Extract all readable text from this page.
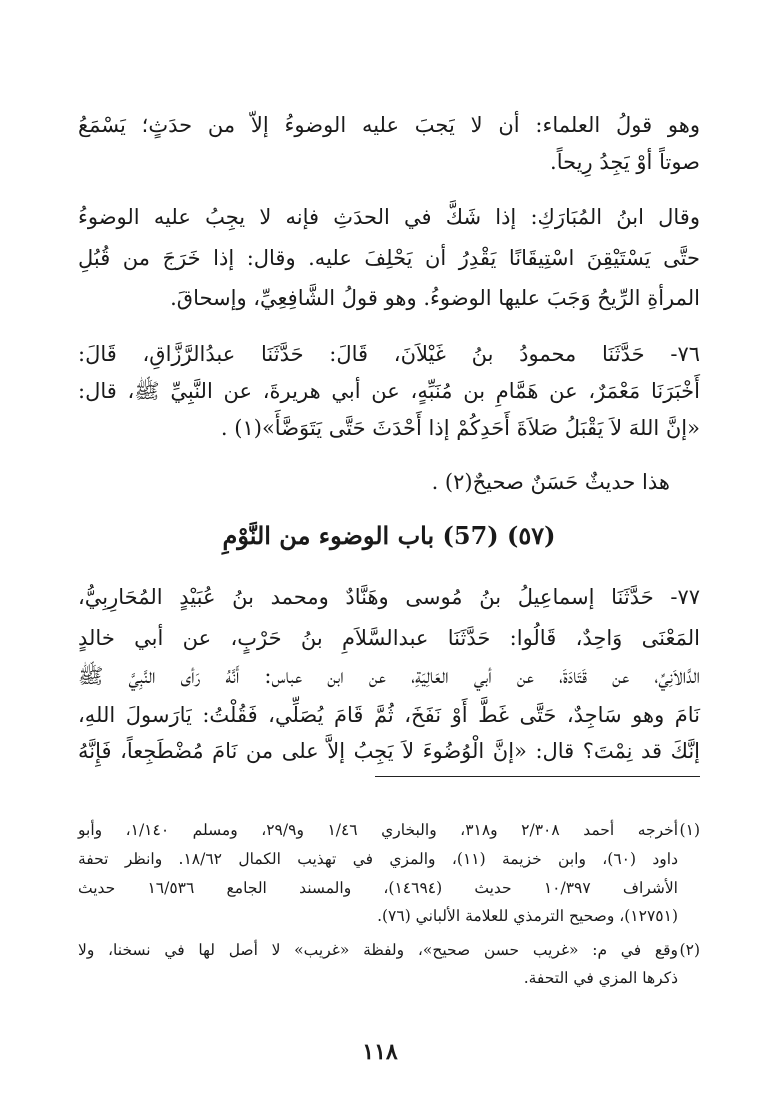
وهو قولُ العلماء: أن لا يَجبَ عليه الوضوءُ إلاّ من حدَثٍ؛ يَسْمَعُ
صوتاً أوْ يَجِدُ رِيحاً.
وقال ابنُ المُبَارَكِ: إذا شَكَّ في الحدَثِ فإنه لا يجِبُ عليه الوضوءُ
حتَّى يَسْتَيْقِنَ اسْتِيقَانًا يَقْدِرُ أن يَحْلِفَ عليه. وقال: إذا خَرَجَ من قُبُلِ
المرأةِ الرِّيحُ وَجَبَ عليها الوضوءُ. وهو قولُ الشَّافِعِيِّ، وإسحاقَ.
٧٦- حَدَّثَنَا محمودُ بنُ غَيْلاَنَ، قَالَ: حَدَّثَنَا عبدُالرَّزَّاقِ، قَالَ:
أَخْبَرَنَا مَعْمَرٌ، عن هَمَّامِ بن مُنَبِّهٍ، عن أبي هريرةَ، عن النَّبِيِّ ﷺ، قال:
«إنَّ اللهَ لاَ يَقْبَلُ صَلاَةَ أَحَدِكُمْ إذا أَحْدَثَ حَتَّى يَتَوَضَّأَ»(١) .
هذا حديثٌ حَسَنٌ صحيحٌ(٢) .
(٥٧) (57) باب الوضوء من النَّوْمِ
٧٧- حَدَّثَنَا إسماعِيلُ بنُ مُوسى وهَنَّادٌ ومحمد بنُ عُبَيْدٍ المُحَارِبِيُّ،
المَعْنَى وَاحِدٌ، قَالُوا: حَدَّثَنَا عبدالسَّلاَمِ بنُ حَرْبٍ، عن أبي خالدٍ
الدَّالاَنِيِّ، عن قَتَادَةَ، عن أبي العَالِيَةِ، عن ابن عباس: أَنَّهُ رَأى النَّبِيَّ ﷺ
نَامَ وهو سَاجِدٌ، حَتَّى غَطَّ أَوْ نَفَخَ، ثُمَّ قَامَ يُصَلِّي، فَقُلْتُ: يَارَسولَ اللهِ،
إنَّكَ قد نِمْتَ؟ قال: «إنَّ الْوُضُوءَ لاَ يَجِبُ إلاَّ على من نَامَ مُضْطَجِعاً، فَإِنَّهُ
(١)
أخرجه أحمد ٢/٣٠٨ و٣١٨، والبخاري ١/٤٦ و٢٩/٩، ومسلم ١/١٤٠، وأبو
داود (٦٠)، وابن خزيمة (١١)، والمزي في تهذيب الكمال ١٨/٦٢. وانظر تحفة
الأشراف ١٠/٣٩٧ حديث (١٤٦٩٤)، والمسند الجامع ١٦/٥٣٦ حديث
(١٢٧٥١)، وصحيح الترمذي للعلامة الألباني (٧٦).
(٢)
وقع في م: «غريب حسن صحيح»، ولفظة «غريب» لا أصل لها في نسخنا، ولا
ذكرها المزي في التحفة.
١١٨
